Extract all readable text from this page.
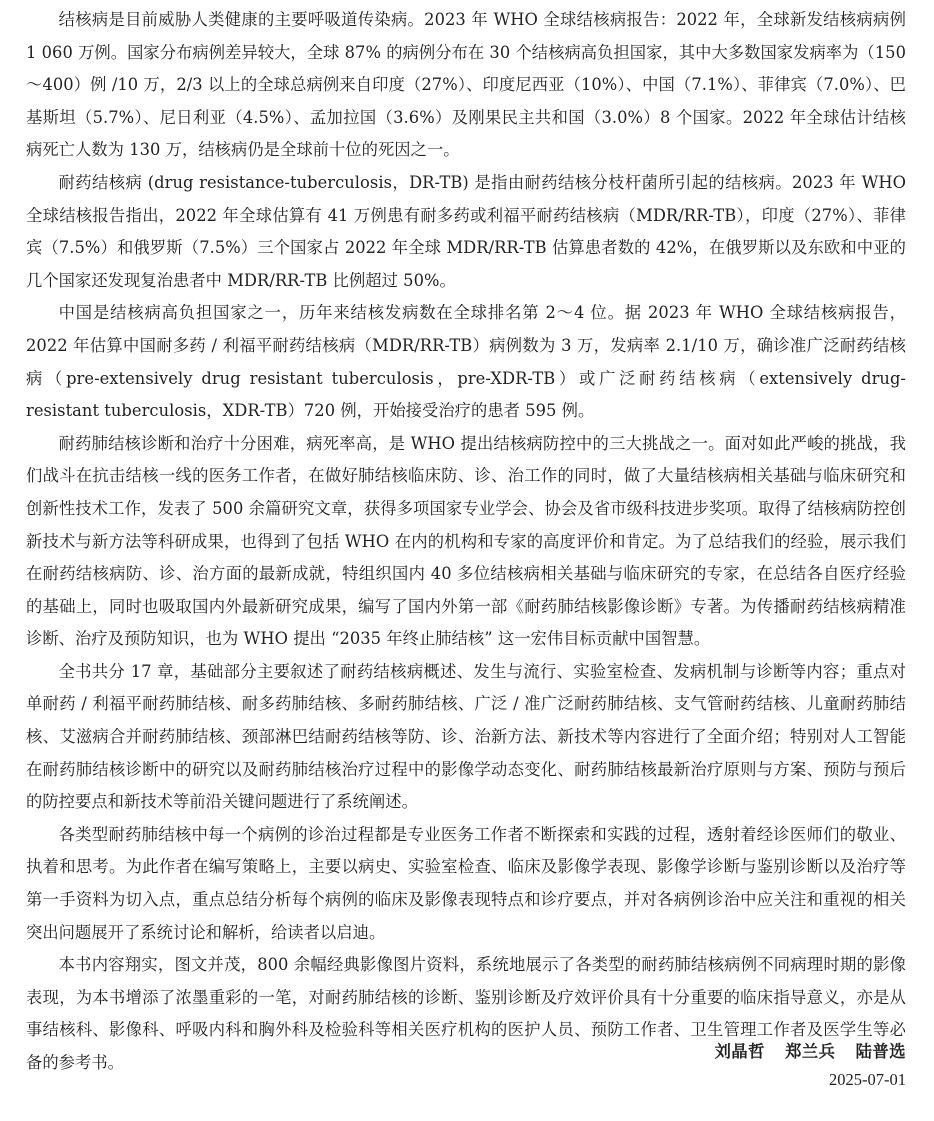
结核病是目前威胁人类健康的主要呼吸道传染病。2023 年 WHO 全球结核病报告：2022 年，全球新发结核病病例 1 060 万例。国家分布病例差异较大，全球 87% 的病例分布在 30 个结核病高负担国家，其中大多数国家发病率为（150～400）例 /10 万，2/3 以上的全球总病例来自印度（27%）、印度尼西亚（10%）、中国（7.1%）、菲律宾（7.0%）、巴基斯坦（5.7%）、尼日利亚（4.5%）、孟加拉国（3.6%）及刚果民主共和国（3.0%）8 个国家。2022 年全球估计结核病死亡人数为 130 万，结核病仍是全球前十位的死因之一。

耐药结核病 (drug resistance-tuberculosis，DR-TB) 是指由耐药结核分枝杆菌所引起的结核病。2023 年 WHO 全球结核报告指出，2022 年全球估算有 41 万例患有耐多药或利福平耐药结核病（MDR/RR-TB），印度（27%）、菲律宾（7.5%）和俄罗斯（7.5%）三个国家占 2022 年全球 MDR/RR-TB 估算患者数的 42%，在俄罗斯以及东欧和中亚的几个国家还发现复治患者中 MDR/RR-TB 比例超过 50%。

中国是结核病高负担国家之一，历年来结核发病数在全球排名第 2～4 位。据 2023 年 WHO 全球结核病报告，2022 年估算中国耐多药 / 利福平耐药结核病（MDR/RR-TB）病例数为 3 万，发病率 2.1/10 万，确诊准广泛耐药结核病（pre-extensively drug resistant tuberculosis，pre-XDR-TB）或广泛耐药结核病（extensively drug-resistant tuberculosis，XDR-TB）720 例，开始接受治疗的患者 595 例。

耐药肺结核诊断和治疗十分困难，病死率高，是 WHO 提出结核病防控中的三大挑战之一。面对如此严峻的挑战，我们战斗在抗击结核一线的医务工作者，在做好肺结核临床防、诊、治工作的同时，做了大量结核病相关基础与临床研究和创新性技术工作，发表了 500 余篇研究文章，获得多项国家专业学会、协会及省市级科技进步奖项。取得了结核病防控创新技术与新方法等科研成果，也得到了包括 WHO 在内的机构和专家的高度评价和肯定。为了总结我们的经验，展示我们在耐药结核病防、诊、治方面的最新成就，特组织国内 40 多位结核病相关基础与临床研究的专家，在总结各自医疗经验的基础上，同时也吸取国内外最新研究成果，编写了国内外第一部《耐药肺结核影像诊断》专著。为传播耐药结核病精准诊断、治疗及预防知识，也为 WHO 提出 “2035 年终止肺结核” 这一宏伟目标贡献中国智慧。

全书共分 17 章，基础部分主要叙述了耐药结核病概述、发生与流行、实验室检查、发病机制与诊断等内容；重点对单耐药 / 利福平耐药肺结核、耐多药肺结核、多耐药肺结核、广泛 / 准广泛耐药肺结核、支气管耐药结核、儿童耐药肺结核、艾滋病合并耐药肺结核、颈部淋巴结耐药结核等防、诊、治新方法、新技术等内容进行了全面介绍；特别对人工智能在耐药肺结核诊断中的研究以及耐药肺结核治疗过程中的影像学动态变化、耐药肺结核最新治疗原则与方案、预防与预后的防控要点和新技术等前沿关键问题进行了系统阐述。

各类型耐药肺结核中每一个病例的诊治过程都是专业医务工作者不断探索和实践的过程，透射着经诊医师们的敬业、执着和思考。为此作者在编写策略上，主要以病史、实验室检查、临床及影像学表现、影像学诊断与鉴别诊断以及治疗等第一手资料为切入点，重点总结分析每个病例的临床及影像表现特点和诊疗要点，并对各病例诊治中应关注和重视的相关突出问题展开了系统讨论和解析，给读者以启迪。

本书内容翔实，图文并茂，800 余幅经典影像图片资料，系统地展示了各类型的耐药肺结核病例不同病理时期的影像表现，为本书增添了浓墨重彩的一笔，对耐药肺结核的诊断、鉴别诊断及疗效评价具有十分重要的临床指导意义，亦是从事结核科、影像科、呼吸内科和胸外科及检验科等相关医疗机构的医护人员、预防工作者、卫生管理工作者及医学生等必备的参考书。

刘晶哲 郑兰兵 陆普选
2025-07-01
